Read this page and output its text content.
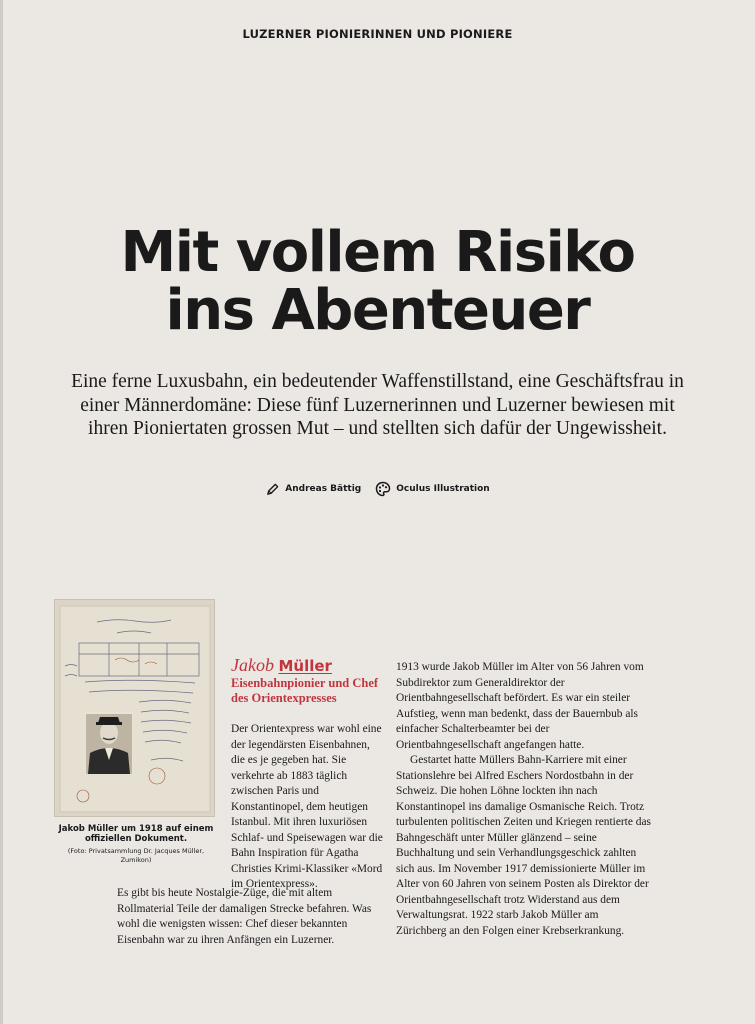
LUZERNER PIONIERINNEN UND PIONIERE
Mit vollem Risiko
ins Abenteuer

Eine ferne Luxusbahn, ein bedeutender Waffenstillstand, eine Geschäftsfrau in einer Männerdomäne: Diese fünf Luzernerinnen und Luzerner bewiesen mit ihren Pioniertaten grossen Mut – und stellten sich dafür der Ungewissheit.

Andreas Bättig	Oculus Illustration
Jakob Müller um 1918 auf einem offiziellen Dokument.
(Foto: Privatsammlung Dr. Jacques Müller, Zumikon)
Jakob Müller
Eisenbahnpionier und Chef des Orientexpresses

Der Orientexpress war wohl eine der legendärsten Eisenbahnen, die es je gegeben hat. Sie verkehrte ab 1883 täglich zwischen Paris und Konstantinopel, dem heutigen Istanbul. Mit ihren luxuriösen Schlaf- und Speisewagen war die Bahn Inspiration für Agatha Christies Krimi-Klassiker «Mord im Orientexpress».

Es gibt bis heute Nostalgie-Züge, die mit altem Rollmaterial Teile der damaligen Strecke befahren. Was wohl die wenigsten wissen: Chef dieser bekannten Eisenbahn war zu ihren Anfängen ein Luzerner.

1913 wurde Jakob Müller im Alter von 56 Jahren vom Subdirektor zum Generaldirektor der Orientbahngesellschaft befördert. Es war ein steiler Aufstieg, wenn man bedenkt, dass der Bauernbub als einfacher Schalterbeamter bei der Orientbahngesellschaft angefangen hatte.

Gestartet hatte Müllers Bahn-Karriere mit einer Stationslehre bei Alfred Eschers Nordostbahn in der Schweiz. Die hohen Löhne lockten ihn nach Konstantinopel ins damalige Osmanische Reich. Trotz turbulenten politischen Zeiten und Kriegen rentierte das Bahngeschäft unter Müller glänzend – seine Buchhaltung und sein Verhandlungsgeschick zahlten sich aus. Im November 1917 demissionierte Müller im Alter von 60 Jahren von seinem Posten als Direktor der Orientbahngesellschaft trotz Widerstand aus dem Verwaltungsrat. 1922 starb Jakob Müller am Zürichberg an den Folgen einer Krebserkrankung.
